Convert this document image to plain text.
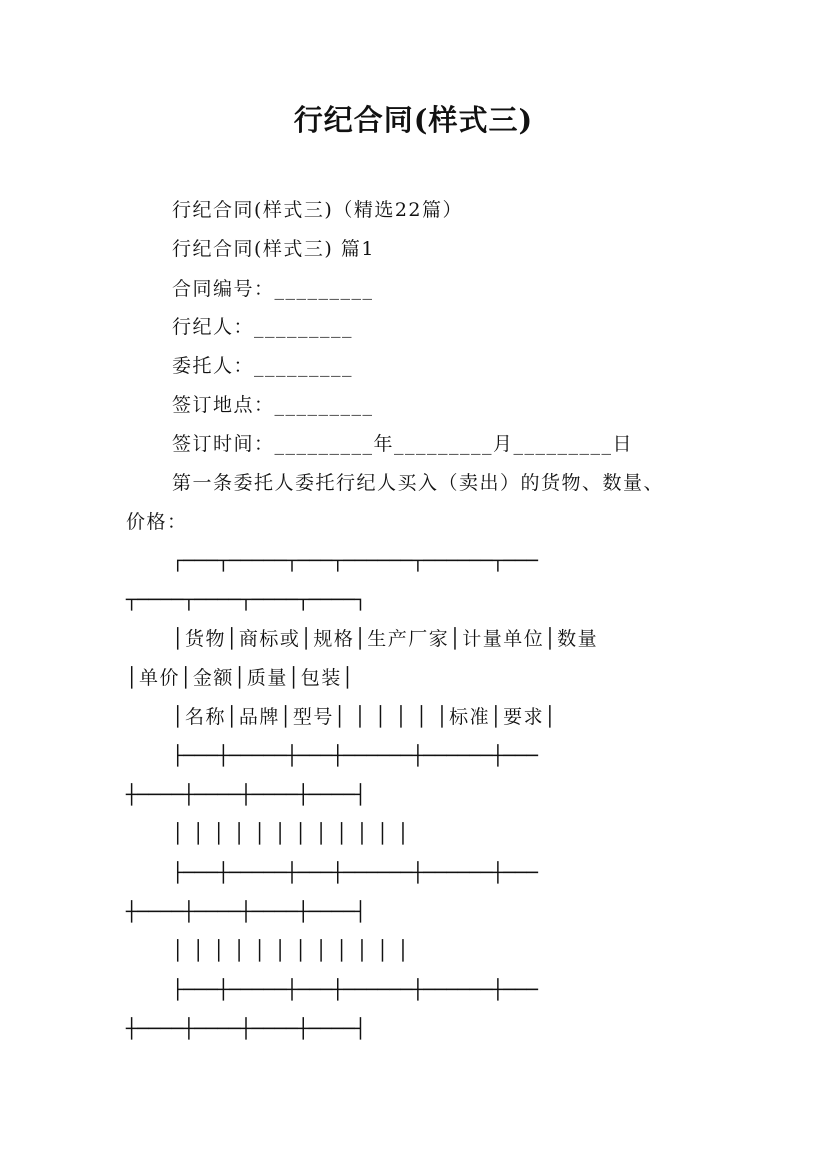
行纪合同(样式三)
行纪合同(样式三)（精选22篇）
行纪合同(样式三) 篇1
合同编号：_________
行纪人：_________
委托人：_________
签订地点：_________
签订时间：_________年_________月_________日
第一条委托人委托行纪人买入（卖出）的货物、数量、
价格：
┌───┬─────┬───┬──────┬──────┬───
┬────┬────┬────┬────┐
│货物│商标或│规格│生产厂家│计量单位│数量
│单价│金额│质量│包装│
│名称│品牌│型号│ │ │ │ │ │标准│要求│
├───┼─────┼───┼──────┼──────┼───
┼────┼────┼────┼────┤
│ │ │ │ │ │ │ │ │ │ │ │
├───┼─────┼───┼──────┼──────┼───
┼────┼────┼────┼────┤
│ │ │ │ │ │ │ │ │ │ │ │
├───┼─────┼───┼──────┼──────┼───
┼────┼────┼────┼────┤
